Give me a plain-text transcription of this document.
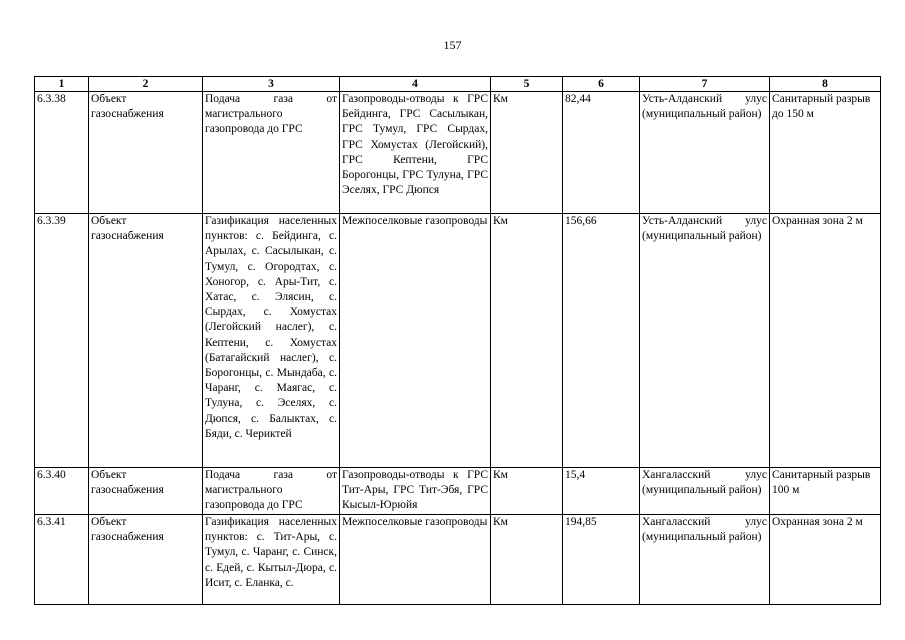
157
1	2	3	4	5	6	7	8
6.3.38	Объект газоснабжения	Подача газа от магистрального газопровода до ГРС	Газопроводы-отводы к ГРС Бейдинга, ГРС Сасылыкан, ГРС Тумул, ГРС Сырдах, ГРС Хомустах (Легойский), ГРС Кептени, ГРС Борогонцы, ГРС Тулуна, ГРС Эселях, ГРС Дюпся	Км	82,44	Усть-Алданский улус (муниципальный район)	Санитарный разрыв до 150 м
6.3.39	Объект газоснабжения	Газификация населенных пунктов: с. Бейдинга, с. Арылах, с. Сасылыкан, с. Тумул, с. Огородтах, с. Хоногор, с. Ары-Тит, с. Хатас, с. Элясин, с. Сырдах, с. Хомустах (Легойский наслег), с. Кептени, с. Хомустах (Батагайский наслег), с. Борогонцы, с. Мындаба, с. Чаранг, с. Маягас, с. Тулуна, с. Эселях, с. Дюпся, с. Балыктах, с. Бяди, с. Чериктей	Межпоселковые газопроводы	Км	156,66	Усть-Алданский улус (муниципальный район)	Охранная зона 2 м
6.3.40	Объект газоснабжения	Подача газа от магистрального газопровода до ГРС	Газопроводы-отводы к ГРС Тит-Ары, ГРС Тит-Эбя, ГРС Кысыл-Юрюйя	Км	15,4	Хангаласский улус (муниципальный район)	Санитарный разрыв 100 м
6.3.41	Объект газоснабжения	Газификация населенных пунктов: с. Тит-Ары, с. Тумул, с. Чаранг, с. Синск, с. Едей, с. Кытыл-Дюра, с. Исит, с. Еланка, с.	Межпоселковые газопроводы	Км	194,85	Хангаласский улус (муниципальный район)	Охранная зона 2 м
